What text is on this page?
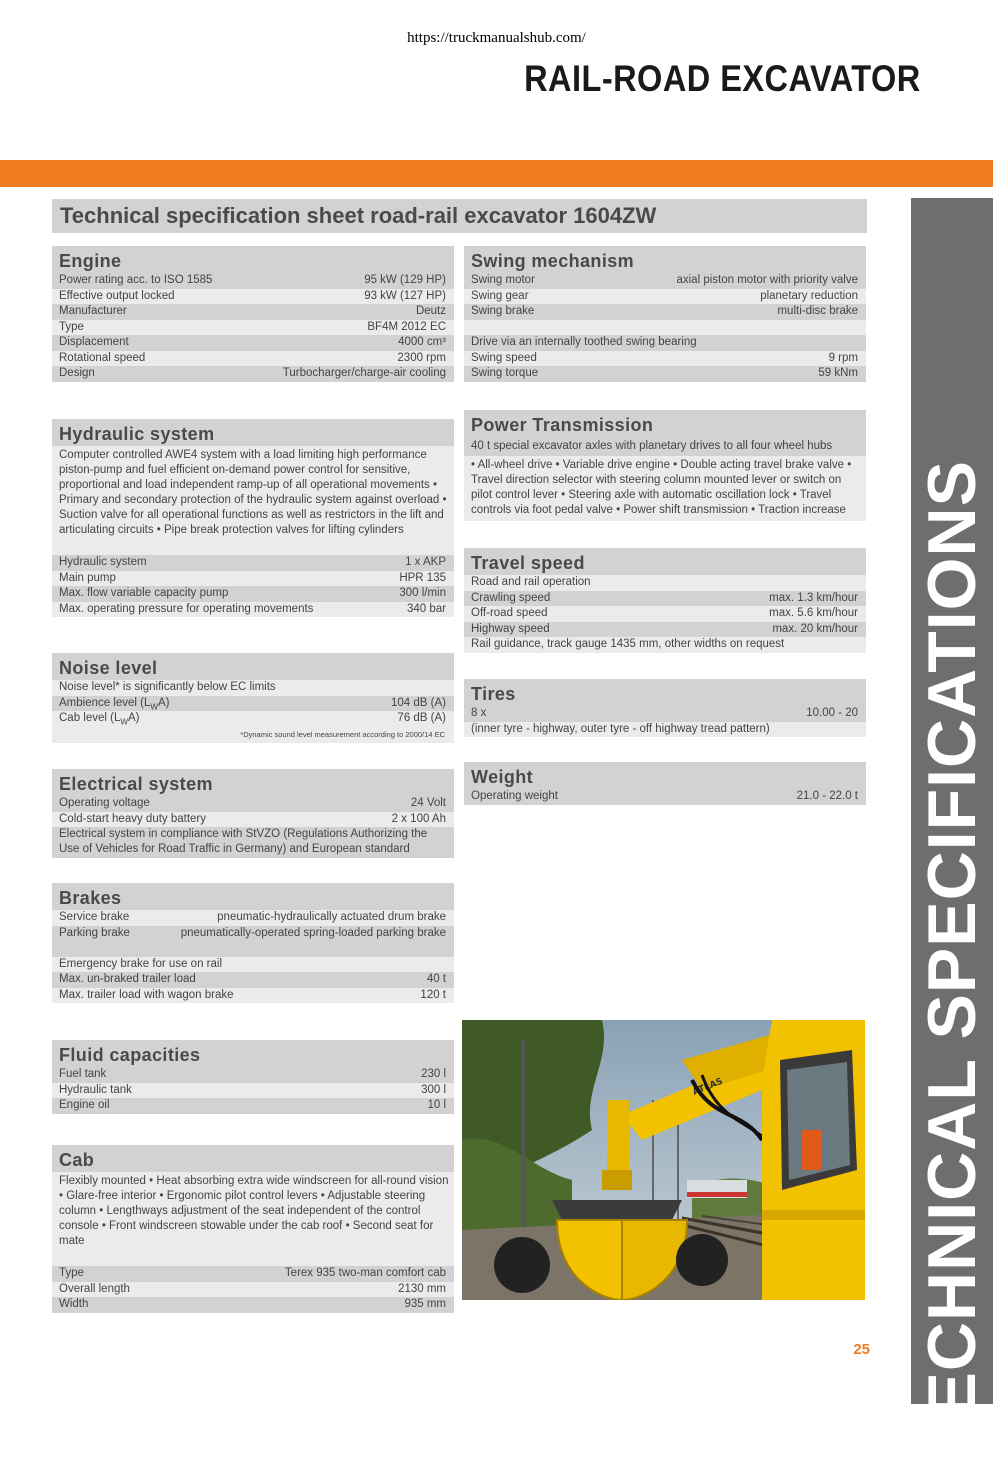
https://truckmanualshub.com/
RAIL-ROAD EXCAVATOR
TECHNICAL SPECIFICATIONS
25
Technical specification sheet road-rail excavator 1604ZW
Engine
Power rating acc. to ISO 1585	95 kW (129 HP)
Effective output locked	93 kW (127 HP)
Manufacturer	Deutz
Type	BF4M 2012 EC
Displacement	4000 cm³
Rotational speed	2300 rpm
Design	Turbocharger/charge-air cooling
Hydraulic system
Computer controlled AWE4 system with a load limiting high performance piston-pump and fuel efficient on-demand power control for sensitive, proportional and load independent ramp-up of all operational movements • Primary and secondary protection of the hydraulic system against overload • Suction valve for all operational functions as well as restrictors in the lift and articulating circuits • Pipe break protection valves for lifting cylinders
Hydraulic system	1 x AKP
Main pump	HPR 135
Max. flow variable capacity pump	300 l/min
Max. operating pressure for operating movements	340 bar
Noise level
Noise level* is significantly below EC limits
Ambience level $(L_WA)$	104 dB (A)
Cab level $(L_WA)$	76 dB (A)
*Dynamic sound level measurement according to 2000/14 EC
Electrical system
Operating voltage	24 Volt
Cold-start heavy duty battery	2 x 100 Ah
Electrical system in compliance with StVZO (Regulations Authorizing the Use of Vehicles for Road Traffic in Germany) and European standard
Brakes
Service brake	pneumatic-hydraulically actuated drum brake
Parking brake	pneumatically-operated spring-loaded parking brake
Emergency brake for use on rail
Max. un-braked trailer load	40 t
Max. trailer load with wagon brake	120 t
Fluid capacities
Fuel tank	230 l
Hydraulic tank	300 l
Engine oil	10 l
Cab
Flexibly mounted • Heat absorbing extra wide windscreen for all-round vision • Glare-free interior • Ergonomic pilot control levers • Adjustable steering column • Lengthways adjustment of the seat independent of the control console • Front windscreen stowable under the cab roof • Second seat for mate
Type	Terex 935 two-man comfort cab
Overall length	2130 mm
Width	935 mm
Swing mechanism
Swing motor	axial piston motor with priority valve
Swing gear	planetary reduction
Swing brake	multi-disc brake
Drive via an internally toothed swing bearing
Swing speed	9 rpm
Swing torque	59 kNm
Power Transmission
40 t special excavator axles with planetary drives to all four wheel hubs
• All-wheel drive • Variable drive engine • Double acting travel brake valve • Travel direction selector with steering column mounted lever or switch on pilot control lever • Steering axle with automatic oscillation lock • Travel controls via foot pedal valve • Power shift transmission • Traction increase
Travel speed
Road and rail operation
Crawling speed	max. 1.3 km/hour
Off-road speed	max. 5.6 km/hour
Highway speed	max. 20 km/hour
Rail guidance, track gauge 1435 mm, other widths on request
Tires
8 x	10.00 - 20
(inner tyre - highway, outer tyre - off highway tread pattern)
Weight
Operating weight	21.0 - 22.0 t
ATLAS
